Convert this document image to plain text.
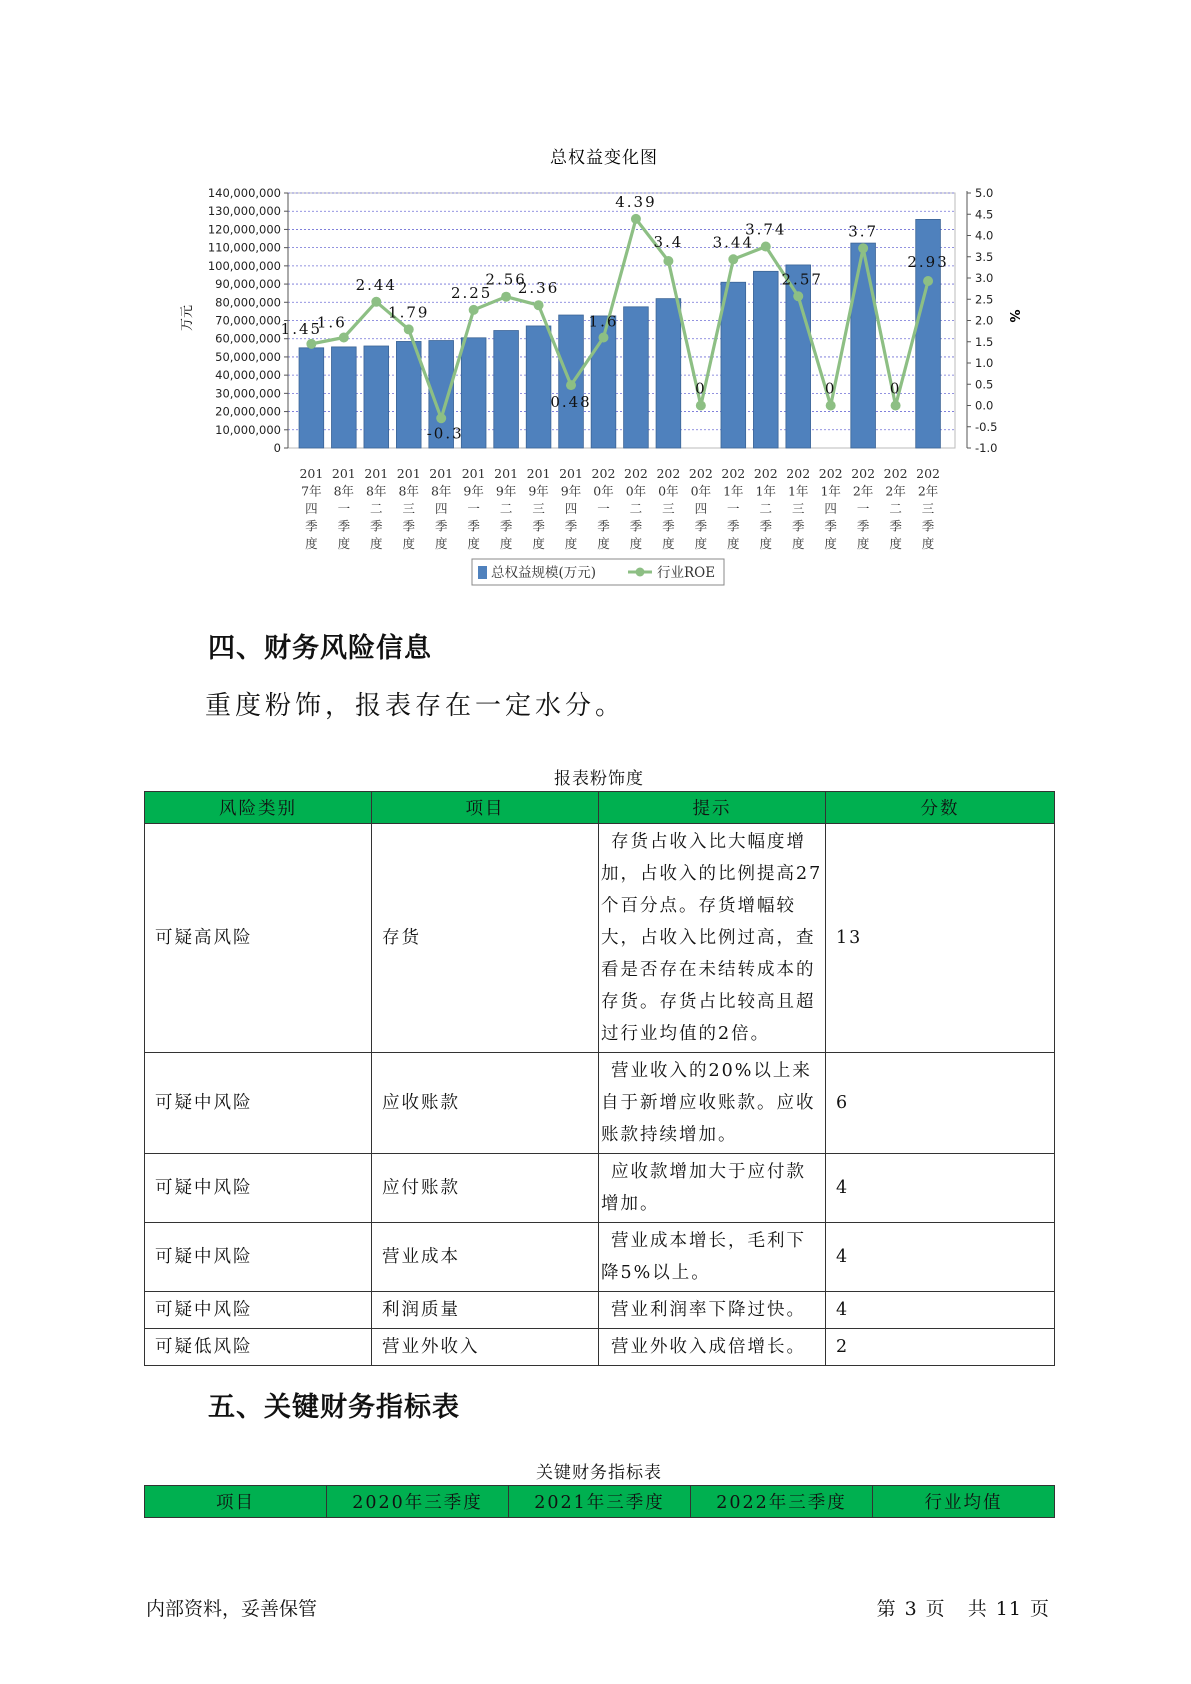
总权益变化图
0
10,000,000
20,000,000
30,000,000
40,000,000
50,000,000
60,000,000
70,000,000
80,000,000
90,000,000
100,000,000
110,000,000
120,000,000
130,000,000
140,000,000
-1.0
-0.5
0.0
0.5
1.0
1.5
2.0
2.5
3.0
3.5
4.0
4.5
5.0
万元	%
1.45
1.6
2.44
1.79
-0.3
2.25
2.56
2.36
0.48
1.6
4.39
3.4
0
3.44
3.74
2.57
0
3.7
0
2.93
201
7年
四
季
度
201
8年
一
季
度
201
8年
二
季
度
201
8年
三
季
度
201
8年
四
季
度
201
9年
一
季
度
201
9年
二
季
度
201
9年
三
季
度
201
9年
四
季
度
202
0年
一
季
度
202
0年
二
季
度
202
0年
三
季
度
202
0年
四
季
度
202
1年
一
季
度
202
1年
二
季
度
202
1年
三
季
度
202
1年
四
季
度
202
2年
一
季
度
202
2年
二
季
度
202
2年
三
季
度
总权益规模(万元)	行业ROE
四、财务风险信息

重度粉饰，报表存在一定水分。

报表粉饰度
风险类别	项目	提示	分数
可疑高风险	存货	存货占收入比大幅度增加，占收入的比例提高27个百分点。存货增幅较大，占收入比例过高，查看是否存在未结转成本的存货。存货占比较高且超过行业均值的2倍。	13
可疑中风险	应收账款	营业收入的20%以上来自于新增应收账款。应收账款持续增加。	6
可疑中风险	应付账款	应收款增加大于应付款增加。	4
可疑中风险	营业成本	营业成本增长，毛利下降5%以上。	4
可疑中风险	利润质量	营业利润率下降过快。	4
可疑低风险	营业外收入	营业外收入成倍增长。	2
五、关键财务指标表
关键财务指标表
项目	2020年三季度	2021年三季度	2022年三季度	行业均值
内部资料，妥善保管	第 3 页 共 11 页
